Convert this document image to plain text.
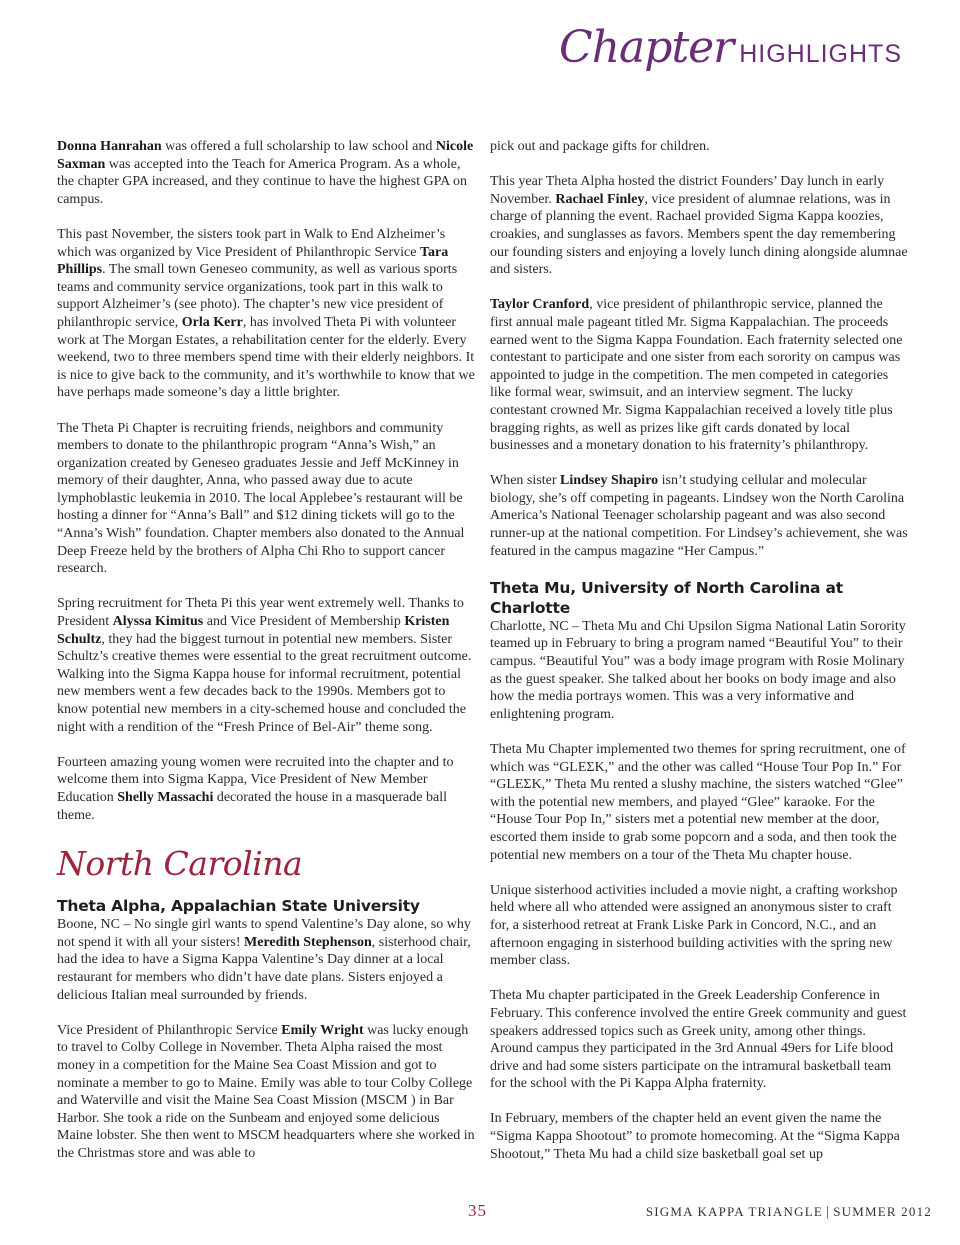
Chapter HIGHLIGHTS

Donna Hanrahan was offered a full scholarship to law school and Nicole Saxman was accepted into the Teach for America Program. As a whole, the chapter GPA increased, and they continue to have the highest GPA on campus.

This past November, the sisters took part in Walk to End Alzheimer’s which was organized by Vice President of Philanthropic Service Tara Phillips. The small town Geneseo community, as well as various sports teams and community service organizations, took part in this walk to support Alzheimer’s (see photo). The chapter’s new vice president of philanthropic service, Orla Kerr, has involved Theta Pi with volunteer work at The Morgan Estates, a rehabilitation center for the elderly. Every weekend, two to three members spend time with their elderly neighbors. It is nice to give back to the community, and it’s worthwhile to know that we have perhaps made someone’s day a little brighter.

The Theta Pi Chapter is recruiting friends, neighbors and community members to donate to the philanthropic program “Anna’s Wish,” an organization created by Geneseo graduates Jessie and Jeff McKinney in memory of their daughter, Anna, who passed away due to acute lymphoblastic leukemia in 2010. The local Applebee’s restaurant will be hosting a dinner for “Anna’s Ball” and $12 dining tickets will go to the “Anna’s Wish” foundation. Chapter members also donated to the Annual Deep Freeze held by the brothers of Alpha Chi Rho to support cancer research.

Spring recruitment for Theta Pi this year went extremely well. Thanks to President Alyssa Kimitus and Vice President of Membership Kristen Schultz, they had the biggest turnout in potential new members. Sister Schultz’s creative themes were essential to the great recruitment outcome. Walking into the Sigma Kappa house for informal recruitment, potential new members went a few decades back to the 1990s. Members got to know potential new members in a city-schemed house and concluded the night with a rendition of the “Fresh Prince of Bel-Air” theme song.

Fourteen amazing young women were recruited into the chapter and to welcome them into Sigma Kappa, Vice President of New Member Education Shelly Massachi decorated the house in a masquerade ball theme.

North Carolina
Theta Alpha, Appalachian State University

Boone, NC – No single girl wants to spend Valentine’s Day alone, so why not spend it with all your sisters! Meredith Stephenson, sisterhood chair, had the idea to have a Sigma Kappa Valentine’s Day dinner at a local restaurant for members who didn’t have date plans. Sisters enjoyed a delicious Italian meal surrounded by friends.

Vice President of Philanthropic Service Emily Wright was lucky enough to travel to Colby College in November. Theta Alpha raised the most money in a competition for the Maine Sea Coast Mission and got to nominate a member to go to Maine. Emily was able to tour Colby College and Waterville and visit the Maine Sea Coast Mission (MSCM ) in Bar Harbor. She took a ride on the Sunbeam and enjoyed some delicious Maine lobster. She then went to MSCM headquarters where she worked in the Christmas store and was able to

pick out and package gifts for children.

This year Theta Alpha hosted the district Founders’ Day lunch in early November. Rachael Finley, vice president of alumnae relations, was in charge of planning the event. Rachael provided Sigma Kappa koozies, croakies, and sunglasses as favors. Members spent the day remembering our founding sisters and enjoying a lovely lunch dining alongside alumnae and sisters.

Taylor Cranford, vice president of philanthropic service, planned the first annual male pageant titled Mr. Sigma Kappalachian. The proceeds earned went to the Sigma Kappa Foundation. Each fraternity selected one contestant to participate and one sister from each sorority on campus was appointed to judge in the competition. The men competed in categories like formal wear, swimsuit, and an interview segment. The lucky contestant crowned Mr. Sigma Kappalachian received a lovely title plus bragging rights, as well as prizes like gift cards donated by local businesses and a monetary donation to his fraternity’s philanthropy.

When sister Lindsey Shapiro isn’t studying cellular and molecular biology, she’s off competing in pageants. Lindsey won the North Carolina America’s National Teenager scholarship pageant and was also second runner-up at the national competition. For Lindsey’s achievement, she was featured in the campus magazine “Her Campus.”

Theta Mu, University of North Carolina at Charlotte

Charlotte, NC – Theta Mu and Chi Upsilon Sigma National Latin Sorority teamed up in February to bring a program named “Beautiful You” to their campus. “Beautiful You” was a body image program with Rosie Molinary as the guest speaker. She talked about her books on body image and also how the media portrays women. This was a very informative and enlightening program.

Theta Mu Chapter implemented two themes for spring recruitment, one of which was “GLEΣK,” and the other was called “House Tour Pop In.” For “GLEΣK,” Theta Mu rented a slushy machine, the sisters watched “Glee” with the potential new members, and played “Glee” karaoke. For the “House Tour Pop In,” sisters met a potential new member at the door, escorted them inside to grab some popcorn and a soda, and then took the potential new members on a tour of the Theta Mu chapter house.

Unique sisterhood activities included a movie night, a crafting workshop held where all who attended were assigned an anonymous sister to craft for, a sisterhood retreat at Frank Liske Park in Concord, N.C., and an afternoon engaging in sisterhood building activities with the spring new member class.

Theta Mu chapter participated in the Greek Leadership Conference in February. This conference involved the entire Greek community and guest speakers addressed topics such as Greek unity, among other things. Around campus they participated in the 3rd Annual 49ers for Life blood drive and had some sisters participate on the intramural basketball team for the school with the Pi Kappa Alpha fraternity.

In February, members of the chapter held an event given the name the “Sigma Kappa Shootout” to promote homecoming. At the “Sigma Kappa Shootout,” Theta Mu had a child size basketball goal set up

35	SIGMA KAPPA TRIANGLE | SUMMER 2012
